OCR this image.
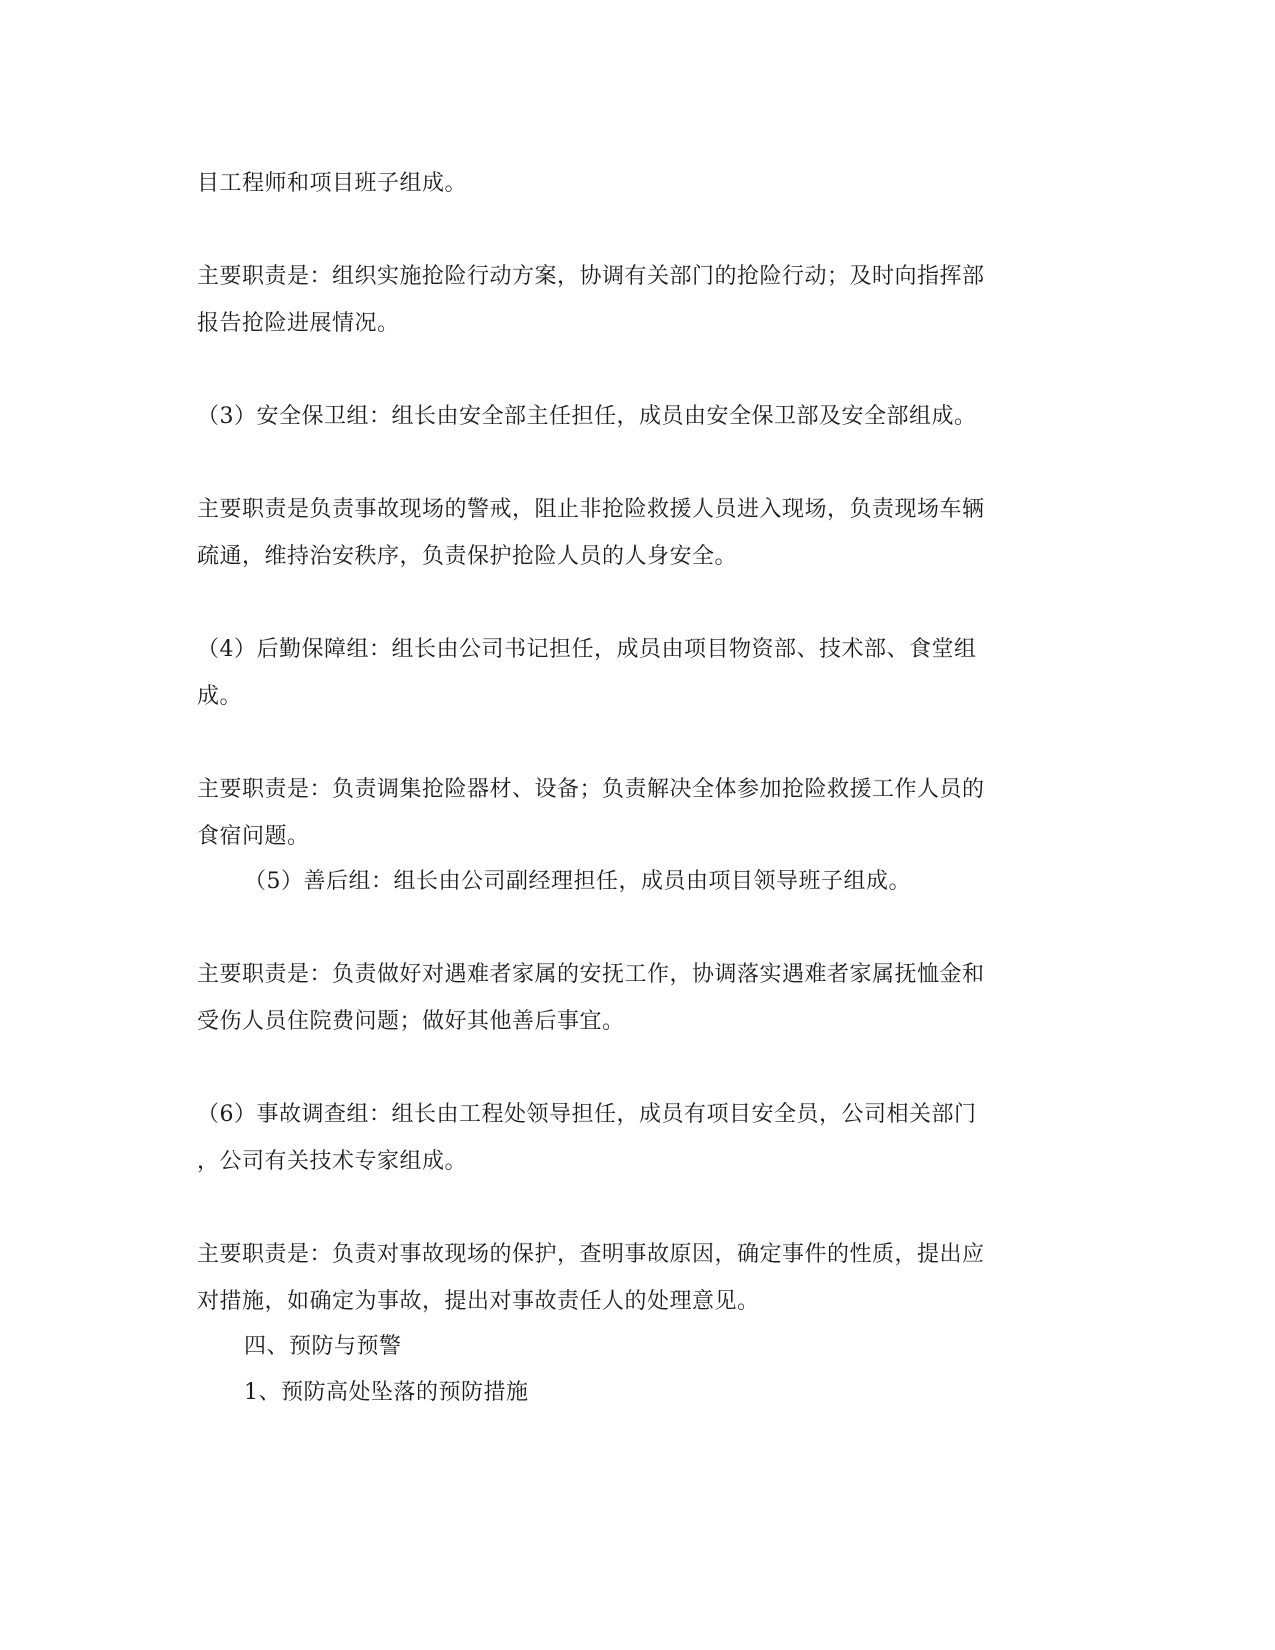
目工程师和项目班子组成。
主要职责是：组织实施抢险行动方案，协调有关部门的抢险行动；及时向指挥部
报告抢险进展情况。
（3）安全保卫组：组长由安全部主任担任，成员由安全保卫部及安全部组成。
主要职责是负责事故现场的警戒，阻止非抢险救援人员进入现场，负责现场车辆
疏通，维持治安秩序，负责保护抢险人员的人身安全。
（4）后勤保障组：组长由公司书记担任，成员由项目物资部、技术部、食堂组
成。
主要职责是：负责调集抢险器材、设备；负责解决全体参加抢险救援工作人员的
食宿问题。
（5）善后组：组长由公司副经理担任，成员由项目领导班子组成。
主要职责是：负责做好对遇难者家属的安抚工作，协调落实遇难者家属抚恤金和
受伤人员住院费问题；做好其他善后事宜。
（6）事故调查组：组长由工程处领导担任，成员有项目安全员，公司相关部门
，公司有关技术专家组成。
主要职责是：负责对事故现场的保护，查明事故原因，确定事件的性质，提出应
对措施，如确定为事故，提出对事故责任人的处理意见。
四、预防与预警
1、预防高处坠落的预防措施
